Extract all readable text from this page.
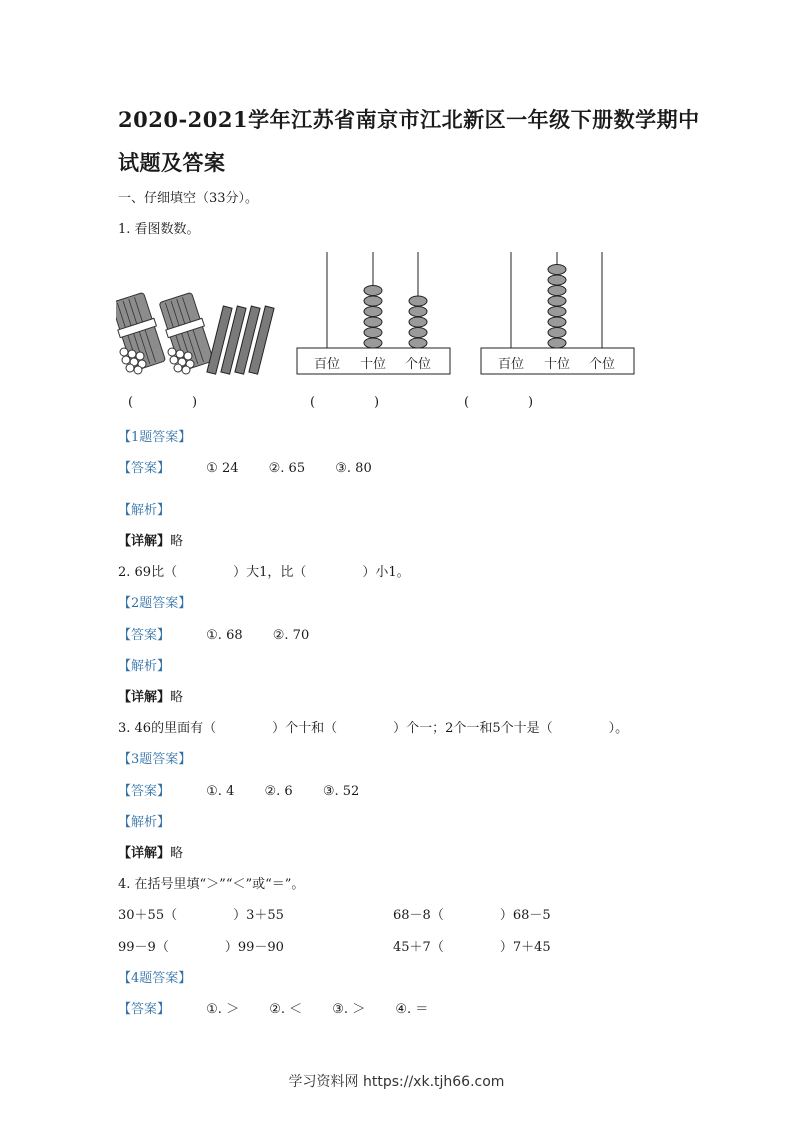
2020-2021学年江苏省南京市江北新区一年级下册数学期中
试题及答案
一、仔细填空（33分）。
1. 看图数数。
百位 十位 个位	百位 十位 个位
(	)	(	)	(	)
【1题答案】
【答案】	① 24 ②. 65 ③. 80
【解析】
【详解】略
2. 69比（	）大1，比（	）小1。
【2题答案】
【答案】	①. 68 ②. 70
【解析】
【详解】略
3. 46的里面有（	）个十和（	）个一；2个一和5个十是（	）。
【3题答案】
【答案】	①. 4 ②. 6 ③. 52
【解析】
【详解】略
4. 在括号里填“＞”“＜”或“＝”。
30＋55（	）3＋55	68－8（	）68－5
99－9（	）99－90	45＋7（	）7＋45
【4题答案】
【答案】	①. ＞ ②. ＜ ③. ＞ ④. ＝
学习资料网 https://xk.tjh66.com
